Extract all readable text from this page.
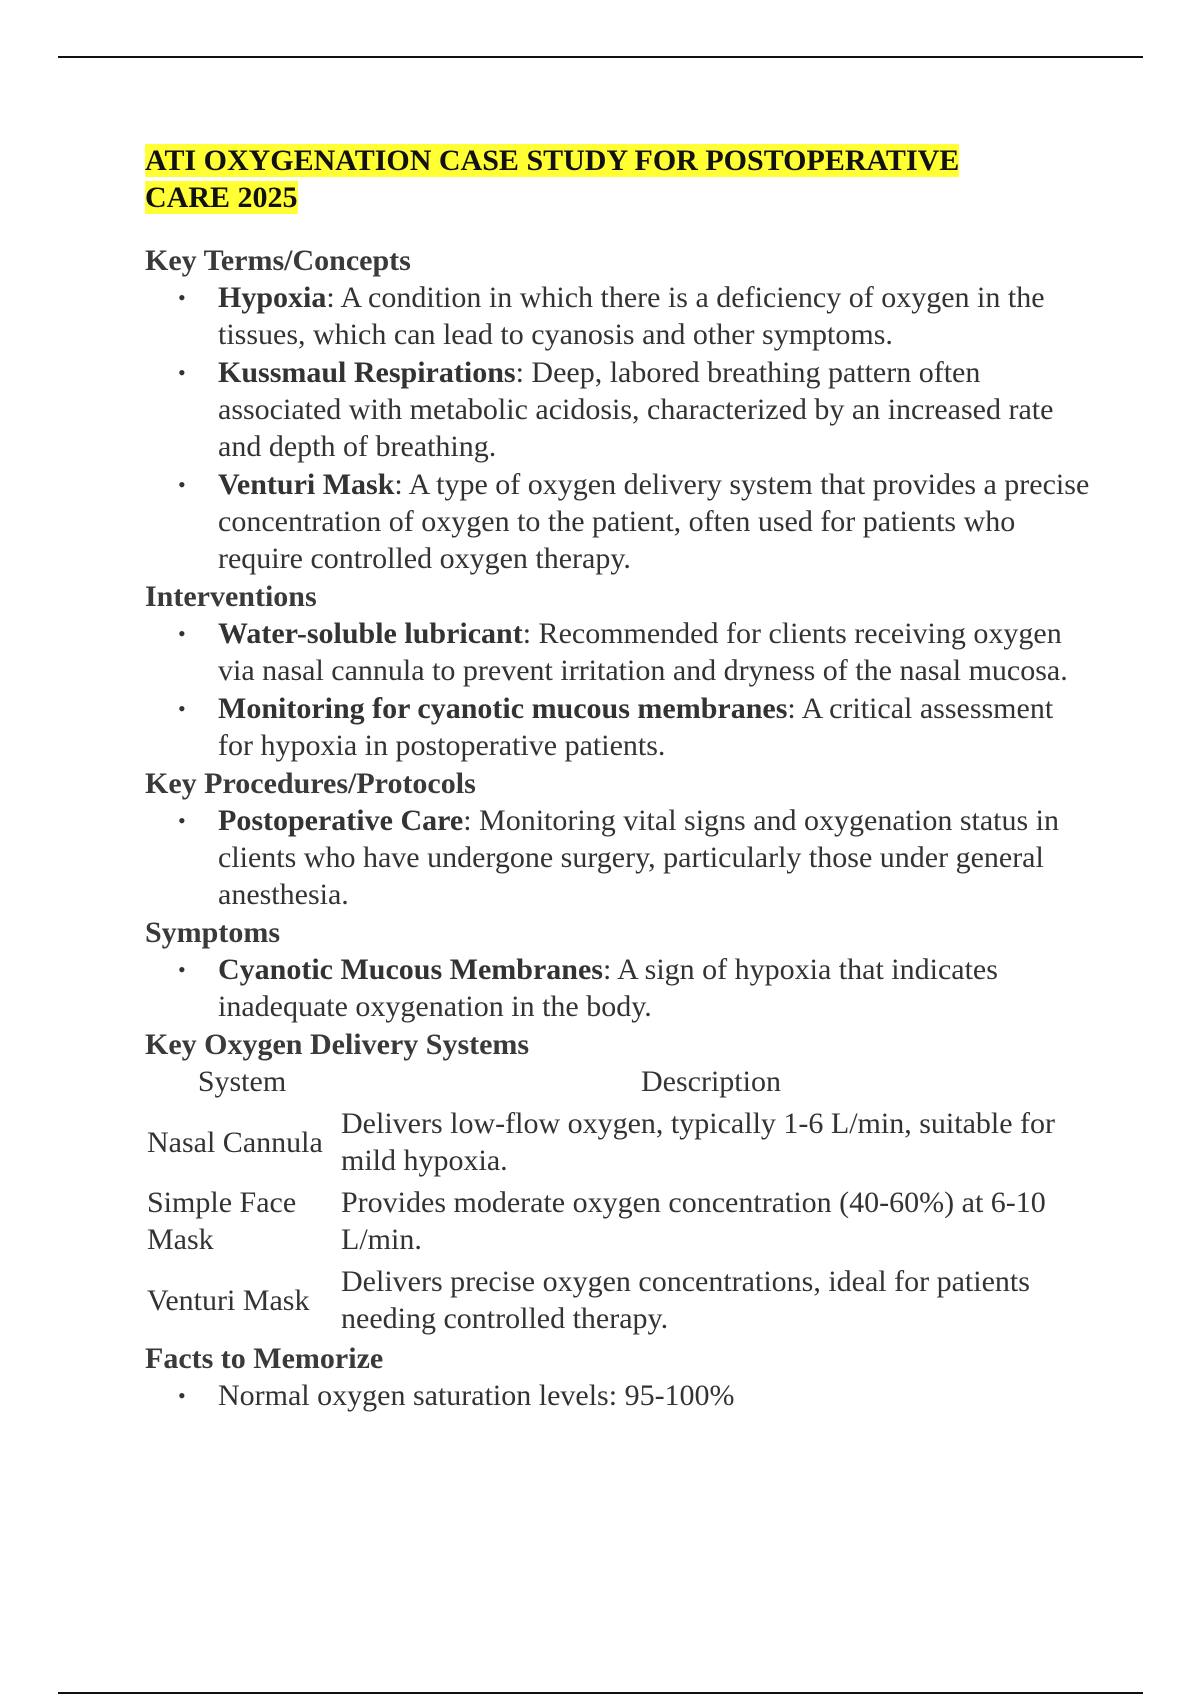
ATI OXYGENATION CASE STUDY FOR POSTOPERATIVE CARE 2025
Key Terms/Concepts
• Hypoxia: A condition in which there is a deficiency of oxygen in the tissues, which can lead to cyanosis and other symptoms.
• Kussmaul Respirations: Deep, labored breathing pattern often associated with metabolic acidosis, characterized by an increased rate and depth of breathing.
• Venturi Mask: A type of oxygen delivery system that provides a precise concentration of oxygen to the patient, often used for patients who require controlled oxygen therapy.
Interventions
• Water-soluble lubricant: Recommended for clients receiving oxygen via nasal cannula to prevent irritation and dryness of the nasal mucosa.
• Monitoring for cyanotic mucous membranes: A critical assessment for hypoxia in postoperative patients.
Key Procedures/Protocols
• Postoperative Care: Monitoring vital signs and oxygenation status in clients who have undergone surgery, particularly those under general anesthesia.
Symptoms
• Cyanotic Mucous Membranes: A sign of hypoxia that indicates inadequate oxygenation in the body.
Key Oxygen Delivery Systems
System	Description
Nasal Cannula	Delivers low-flow oxygen, typically 1-6 L/min, suitable for mild hypoxia.
Simple Face Mask	Provides moderate oxygen concentration (40-60%) at 6-10 L/min.
Venturi Mask	Delivers precise oxygen concentrations, ideal for patients needing controlled therapy.
Facts to Memorize
• Normal oxygen saturation levels: 95-100%
